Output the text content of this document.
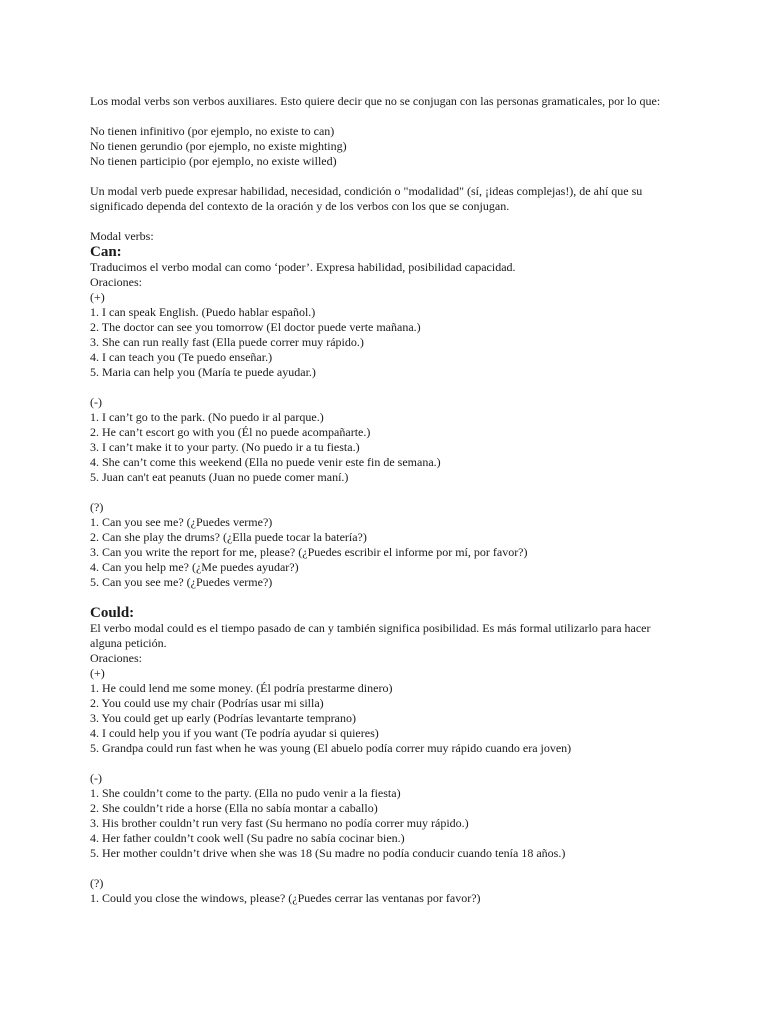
Los modal verbs son verbos auxiliares. Esto quiere decir que no se conjugan con las personas gramaticales, por lo que:
No tienen infinitivo (por ejemplo, no existe to can)
No tienen gerundio (por ejemplo, no existe mighting)
No tienen participio (por ejemplo, no existe willed)
Un modal verb puede expresar habilidad, necesidad, condición o "modalidad" (sí, ¡ideas complejas!), de ahí que su significado dependa del contexto de la oración y de los verbos con los que se conjugan.
Modal verbs:
Can:
Traducimos el verbo modal can como ‘poder’. Expresa habilidad, posibilidad capacidad.
Oraciones:
(+)
1. I can speak English. (Puedo hablar español.)
2. The doctor can see you tomorrow (El doctor puede verte mañana.)
3. She can run really fast (Ella puede correr muy rápido.)
4. I can teach you (Te puedo enseñar.)
5. Maria can help you (María te puede ayudar.)
(-)
1. I can’t go to the park. (No puedo ir al parque.)
2. He can’t escort go with you (Él no puede acompañarte.)
3. I can’t make it to your party. (No puedo ir a tu fiesta.)
4. She can’t come this weekend (Ella no puede venir este fin de semana.)
5. Juan can't eat peanuts (Juan no puede comer maní.)
(?)
1. Can you see me? (¿Puedes verme?)
2. Can she play the drums? (¿Ella puede tocar la batería?)
3. Can you write the report for me, please? (¿Puedes escribir el informe por mí, por favor?)
4. Can you help me? (¿Me puedes ayudar?)
5. Can you see me? (¿Puedes verme?)
Could:
El verbo modal could es el tiempo pasado de can y también significa posibilidad. Es más formal utilizarlo para hacer alguna petición.
Oraciones:
(+)
1. He could lend me some money. (Él podría prestarme dinero)
2. You could use my chair (Podrías usar mi silla)
3. You could get up early (Podrías levantarte temprano)
4. I could help you if you want (Te podría ayudar si quieres)
5. Grandpa could run fast when he was young (El abuelo podía correr muy rápido cuando era joven)
(-)
1. She couldn’t come to the party. (Ella no pudo venir a la fiesta)
2. She couldn’t ride a horse (Ella no sabía montar a caballo)
3. His brother couldn’t run very fast (Su hermano no podía correr muy rápido.)
4. Her father couldn’t cook well (Su padre no sabía cocinar bien.)
5. Her mother couldn’t drive when she was 18 (Su madre no podía conducir cuando tenía 18 años.)
(?)
1. Could you close the windows, please? (¿Puedes cerrar las ventanas por favor?)
